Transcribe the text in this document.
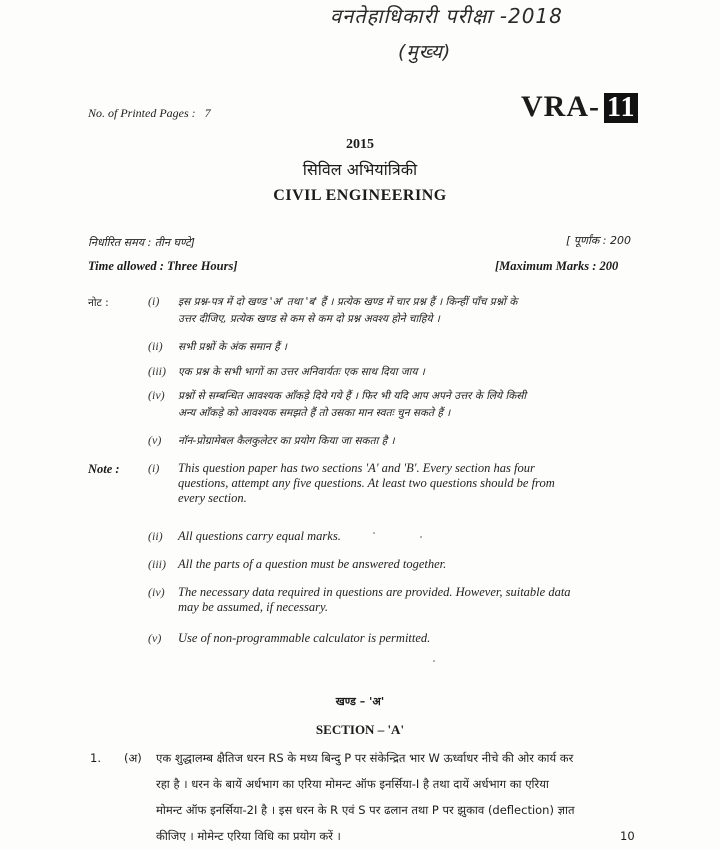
वनतेहाधिकारी परीक्षा -2018
(मुख्य)
No. of Printed Pages : 7	VRA- 11
2015
सिविल अभियांत्रिकी
CIVIL ENGINEERING
निर्धारित समय : तीन घण्टे]	[ पूर्णांक : 200
Time allowed : Three Hours]	[Maximum Marks : 200
नोट :	(i) इस प्रश्न-पत्र में दो खण्ड 'अ' तथा 'ब' हैं । प्रत्येक खण्ड में चार प्रश्न हैं । किन्हीं पाँच प्रश्नों के
उत्तर दीजिए, प्रत्येक खण्ड से कम से कम दो प्रश्न अवश्य होने चाहिये ।
(ii) सभी प्रश्नों के अंक समान हैं ।
(iii) एक प्रश्न के सभी भागों का उत्तर अनिवार्यतः एक साथ दिया जाय ।
(iv) प्रश्नों से सम्बन्धित आवश्यक आँकड़े दिये गये हैं । फिर भी यदि आप अपने उत्तर के लिये किसी
अन्य आँकड़े को आवश्यक समझते हैं तो उसका मान स्वतः चुन सकते हैं ।
(v) नॉन-प्रोग्रामेबल कैलकुलेटर का प्रयोग किया जा सकता है ।
Note : (i) This question paper has two sections 'A' and 'B'. Every section has four
questions, attempt any five questions. At least two questions should be from
every section.
(ii) All questions carry equal marks.
(iii) All the parts of a question must be answered together.
(iv) The necessary data required in questions are provided. However, suitable data
may be assumed, if necessary.
(v) Use of non-programmable calculator is permitted.
खण्ड – 'अ'
SECTION – 'A'
1. (अ) एक शुद्धालम्ब क्षैतिज धरन RS के मध्य बिन्दु P पर संकेन्द्रित भार W ऊर्ध्वाधर नीचे की ओर कार्य कर
रहा है । धरन के बायें अर्धभाग का एरिया मोमन्ट ऑफ इनर्सिया-I है तथा दायें अर्धभाग का एरिया
मोमन्ट ऑफ इनर्सिया-2I है । इस धरन के R एवं S पर ढलान तथा P पर झुकाव (deflection) ज्ञात
कीजिए । मोमेन्ट एरिया विधि का प्रयोग करें ।	10
